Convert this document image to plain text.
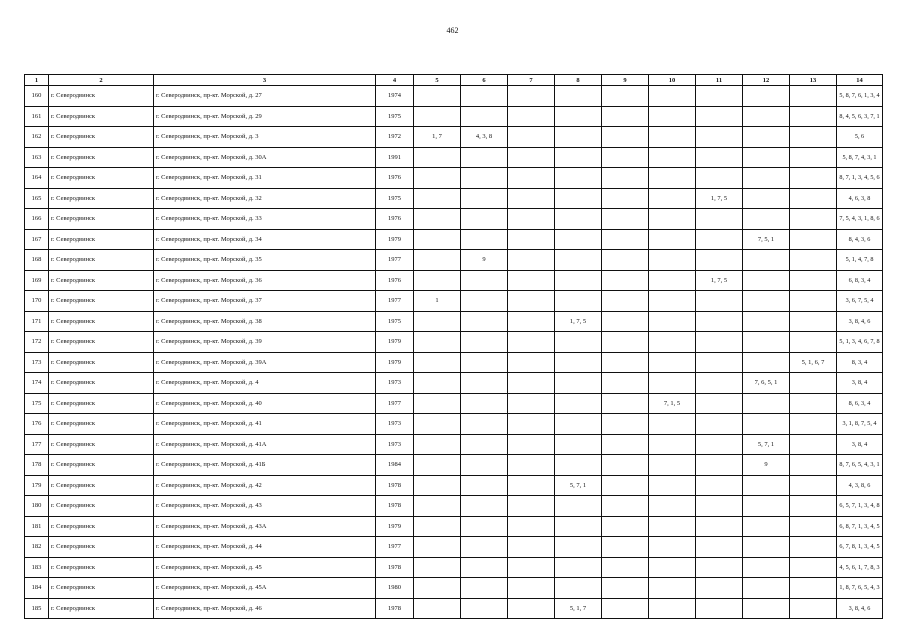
462
1	2	3	4	5	6	7	8	9	10	11	12	13	14
160	г. Северодвинск	г. Северодвинск, пр-кт. Морской, д. 27	1974										5, 8, 7, 6, 1, 3, 4
161	г. Северодвинск	г. Северодвинск, пр-кт. Морской, д. 29	1975										8, 4, 5, 6, 3, 7, 1
162	г. Северодвинск	г. Северодвинск, пр-кт. Морской, д. 3	1972	1, 7	4, 3, 8								5, 6
163	г. Северодвинск	г. Северодвинск, пр-кт. Морской, д. 30А	1991										5, 8, 7, 4, 3, 1
164	г. Северодвинск	г. Северодвинск, пр-кт. Морской, д. 31	1976										8, 7, 1, 3, 4, 5, 6
165	г. Северодвинск	г. Северодвинск, пр-кт. Морской, д. 32	1975							1, 7, 5			4, 6, 3, 8
166	г. Северодвинск	г. Северодвинск, пр-кт. Морской, д. 33	1976										7, 5, 4, 3, 1, 8, 6
167	г. Северодвинск	г. Северодвинск, пр-кт. Морской, д. 34	1979								7, 5, 1		8, 4, 3, 6
168	г. Северодвинск	г. Северодвинск, пр-кт. Морской, д. 35	1977		9								5, 1, 4, 7, 8
169	г. Северодвинск	г. Северодвинск, пр-кт. Морской, д. 36	1976							1, 7, 5			6, 8, 3, 4
170	г. Северодвинск	г. Северодвинск, пр-кт. Морской, д. 37	1977	1									3, 6, 7, 5, 4
171	г. Северодвинск	г. Северодвинск, пр-кт. Морской, д. 38	1975				1, 7, 5						3, 8, 4, 6
172	г. Северодвинск	г. Северодвинск, пр-кт. Морской, д. 39	1979										5, 1, 3, 4, 6, 7, 8
173	г. Северодвинск	г. Северодвинск, пр-кт. Морской, д. 39А	1979									5, 1, 6, 7	8, 3, 4
174	г. Северодвинск	г. Северодвинск, пр-кт. Морской, д. 4	1973								7, 6, 5, 1		3, 8, 4
175	г. Северодвинск	г. Северодвинск, пр-кт. Морской, д. 40	1977						7, 1, 5				8, 6, 3, 4
176	г. Северодвинск	г. Северодвинск, пр-кт. Морской, д. 41	1973										3, 1, 8, 7, 5, 4
177	г. Северодвинск	г. Северодвинск, пр-кт. Морской, д. 41А	1973								5, 7, 1		3, 8, 4
178	г. Северодвинск	г. Северодвинск, пр-кт. Морской, д. 41Б	1984								9		8, 7, 6, 5, 4, 3, 1
179	г. Северодвинск	г. Северодвинск, пр-кт. Морской, д. 42	1978				5, 7, 1						4, 3, 8, 6
180	г. Северодвинск	г. Северодвинск, пр-кт. Морской, д. 43	1978										6, 5, 7, 1, 3, 4, 8
181	г. Северодвинск	г. Северодвинск, пр-кт. Морской, д. 43А	1979										6, 8, 7, 1, 3, 4, 5
182	г. Северодвинск	г. Северодвинск, пр-кт. Морской, д. 44	1977										6, 7, 8, 1, 3, 4, 5
183	г. Северодвинск	г. Северодвинск, пр-кт. Морской, д. 45	1978										4, 5, 6, 1, 7, 8, 3
184	г. Северодвинск	г. Северодвинск, пр-кт. Морской, д. 45А	1980										1, 8, 7, 6, 5, 4, 3
185	г. Северодвинск	г. Северодвинск, пр-кт. Морской, д. 46	1978				5, 1, 7						3, 8, 4, 6
